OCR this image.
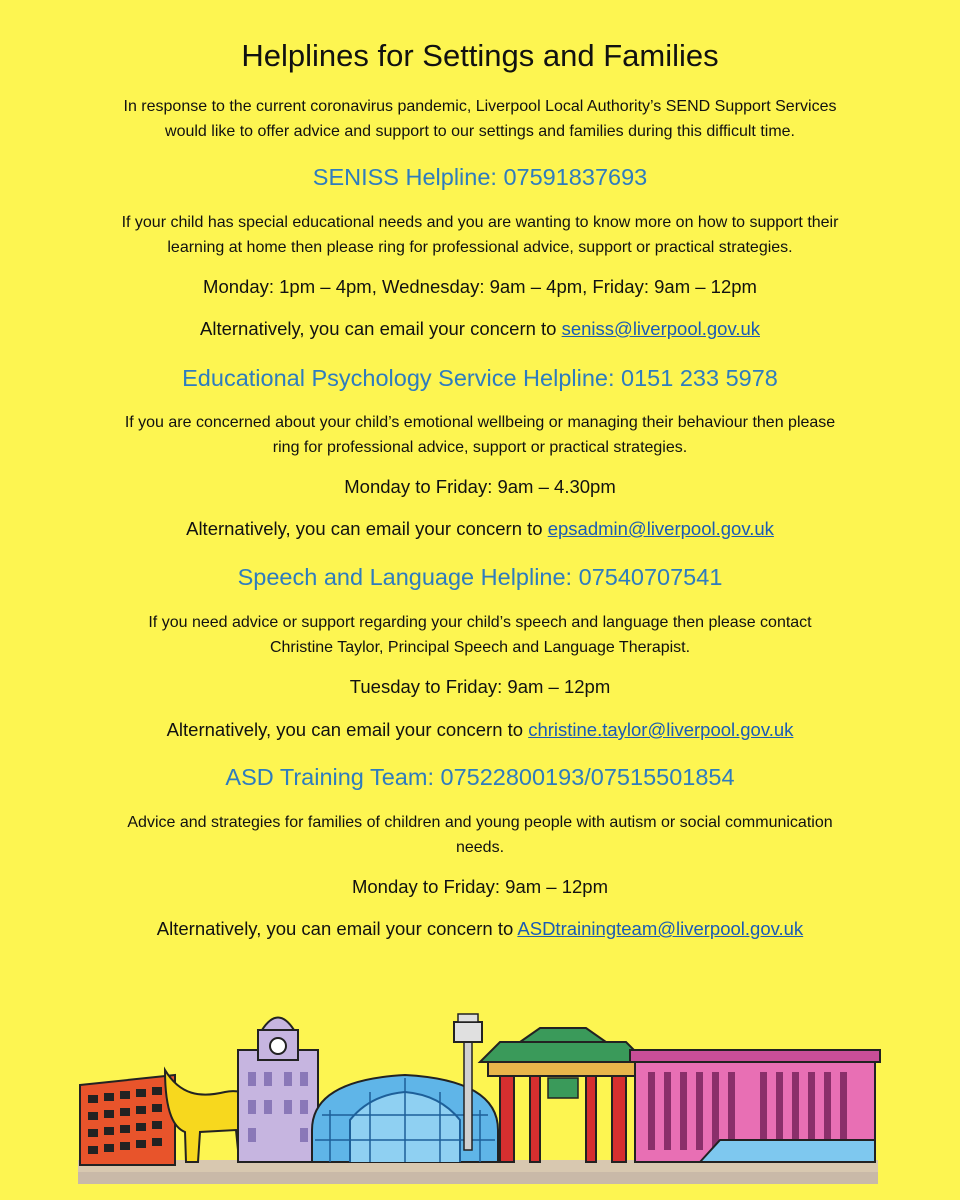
Helplines for Settings and Families

In response to the current coronavirus pandemic, Liverpool Local Authority’s SEND Support Services

would like to offer advice and support to our settings and families during this difficult time.

SENISS Helpline: 07591837693

If your child has special educational needs and you are wanting to know more on how to support their

learning at home then please ring for professional advice, support or practical strategies.

Monday: 1pm – 4pm, Wednesday: 9am – 4pm, Friday: 9am – 12pm

Alternatively, you can email your concern to seniss@liverpool.gov.uk

Educational Psychology Service Helpline: 0151 233 5978

If you are concerned about your child’s emotional wellbeing or managing their behaviour then please

ring for professional advice, support or practical strategies.

Monday to Friday: 9am – 4.30pm

Alternatively, you can email your concern to epsadmin@liverpool.gov.uk

Speech and Language Helpline: 07540707541

If you need advice or support regarding your child’s speech and language then please contact

Christine Taylor, Principal Speech and Language Therapist.

Tuesday to Friday: 9am – 12pm

Alternatively, you can email your concern to christine.taylor@liverpool.gov.uk

ASD Training Team: 07522800193/07515501854

Advice and strategies for families of children and young people with autism or social communication

needs.

Monday to Friday: 9am – 12pm

Alternatively, you can email your concern to ASDtrainingteam@liverpool.gov.uk
